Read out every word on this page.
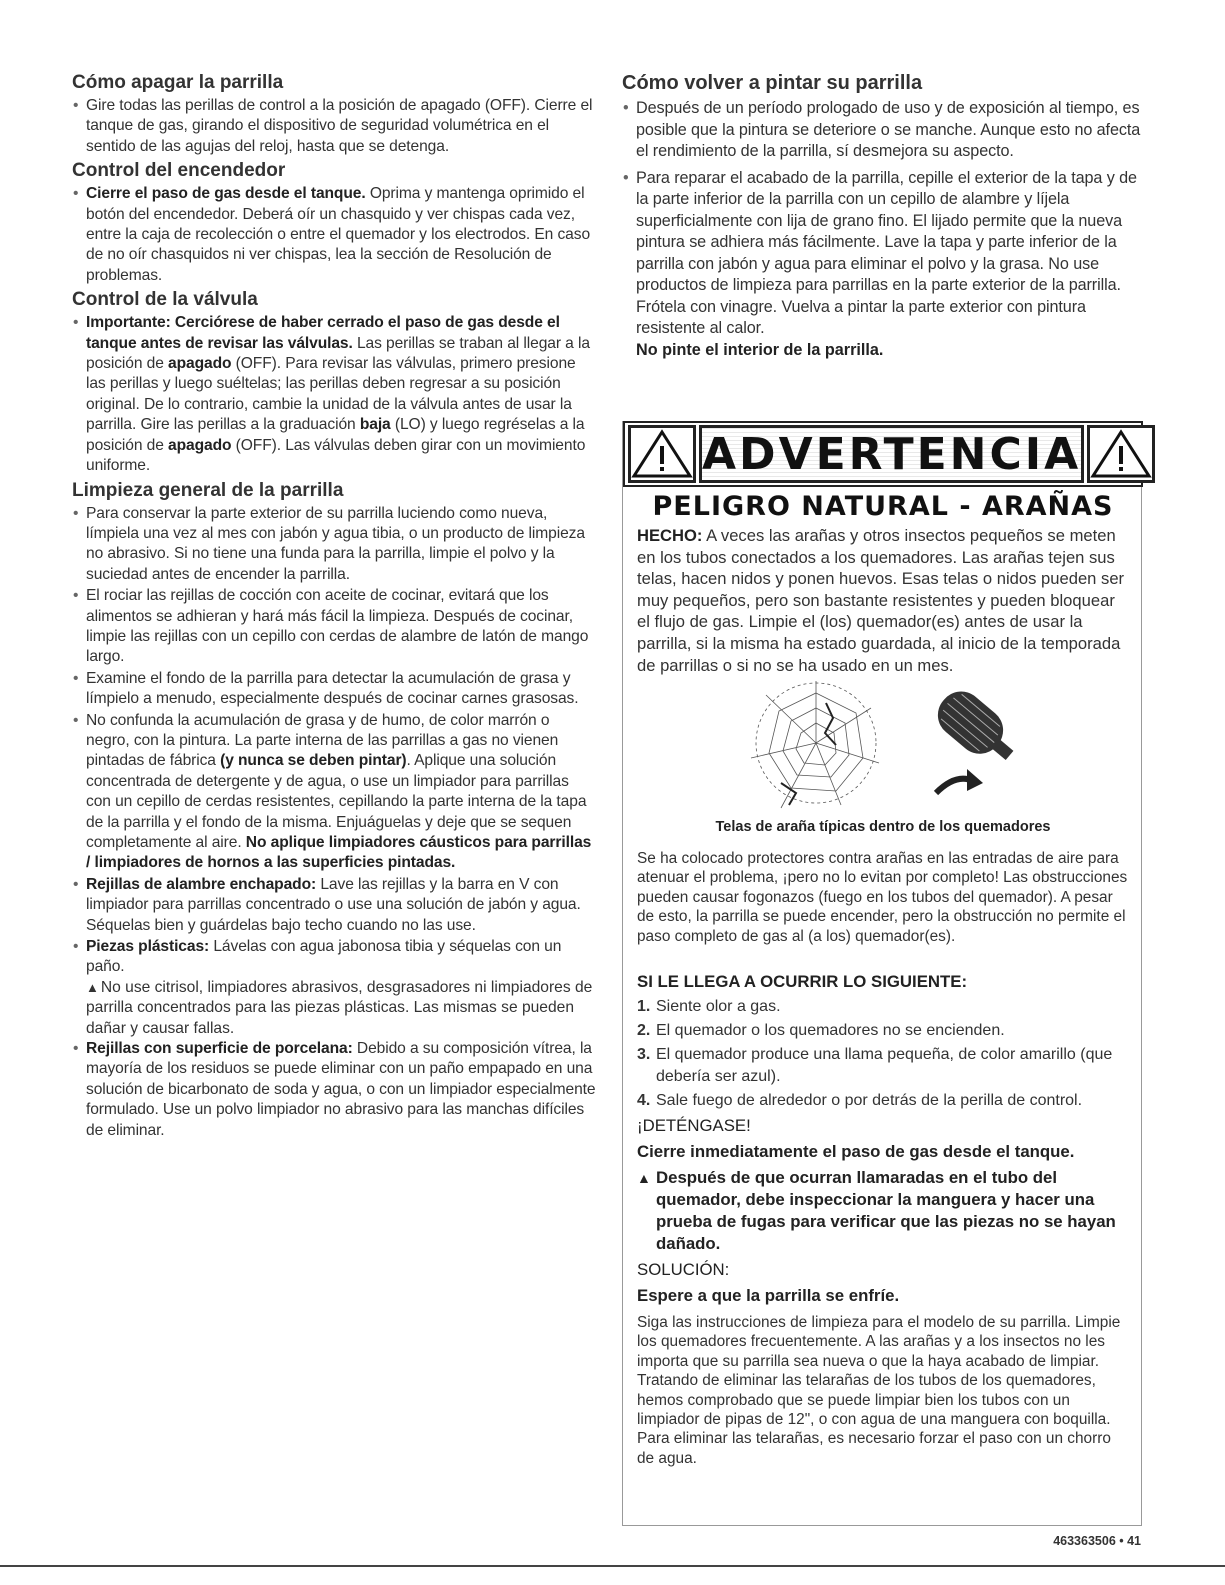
Cómo apagar la parrilla

• Gire todas las perillas de control a la posición de apagado (OFF). Cierre el tanque de gas, girando el dispositivo de seguridad volumétrica en el sentido de las agujas del reloj, hasta que se detenga.

Control del encendedor

• Cierre el paso de gas desde el tanque. Oprima y mantenga oprimido el botón del encendedor. Deberá oír un chasquido y ver chispas cada vez, entre la caja de recolección o entre el quemador y los electrodos. En caso de no oír chasquidos ni ver chispas, lea la sección de Resolución de problemas.

Control de la válvula

• Importante: Cerciórese de haber cerrado el paso de gas desde el tanque antes de revisar las válvulas. Las perillas se traban al llegar a la posición de apagado (OFF). Para revisar las válvulas, primero presione las perillas y luego suéltelas; las perillas deben regresar a su posición original. De lo contrario, cambie la unidad de la válvula antes de usar la parrilla. Gire las perillas a la graduación baja (LO) y luego regréselas a la posición de apagado (OFF). Las válvulas deben girar con un movimiento uniforme.

Limpieza general de la parrilla

• Para conservar la parte exterior de su parrilla luciendo como nueva, límpiela una vez al mes con jabón y agua tibia, o un producto de limpieza no abrasivo. Si no tiene una funda para la parrilla, limpie el polvo y la suciedad antes de encender la parrilla.

• El rociar las rejillas de cocción con aceite de cocinar, evitará que los alimentos se adhieran y hará más fácil la limpieza. Después de cocinar, limpie las rejillas con un cepillo con cerdas de alambre de latón de mango largo.

• Examine el fondo de la parrilla para detectar la acumulación de grasa y límpielo a menudo, especialmente después de cocinar carnes grasosas.

• No confunda la acumulación de grasa y de humo, de color marrón o negro, con la pintura. La parte interna de las parrillas a gas no vienen pintadas de fábrica (y nunca se deben pintar). Aplique una solución concentrada de detergente y de agua, o use un limpiador para parrillas con un cepillo de cerdas resistentes, cepillando la parte interna de la tapa de la parrilla y el fondo de la misma. Enjuáguelas y deje que se sequen completamente al aire. No aplique limpiadores cáusticos para parrillas / limpiadores de hornos a las superficies pintadas.

• Rejillas de alambre enchapado: Lave las rejillas y la barra en V con limpiador para parrillas concentrado o use una solución de jabón y agua. Séquelas bien y guárdelas bajo techo cuando no las use.

• Piezas plásticas: Lávelas con agua jabonosa tibia y séquelas con un paño.

▲ No use citrisol, limpiadores abrasivos, desgrasadores ni limpiadores de parrilla concentrados para las piezas plásticas. Las mismas se pueden dañar y causar fallas.

• Rejillas con superficie de porcelana: Debido a su composición vítrea, la mayoría de los residuos se puede eliminar con un paño empapado en una solución de bicarbonato de soda y agua, o con un limpiador especialmente formulado. Use un polvo limpiador no abrasivo para las manchas difíciles de eliminar.

Cómo volver a pintar su parrilla

• Después de un período prologado de uso y de exposición al tiempo, es posible que la pintura se deteriore o se manche. Aunque esto no afecta el rendimiento de la parrilla, sí desmejora su aspecto.

• Para reparar el acabado de la parrilla, cepille el exterior de la tapa y de la parte inferior de la parrilla con un cepillo de alambre y líjela superficialmente con lija de grano fino. El lijado permite que la nueva pintura se adhiera más fácilmente. Lave la tapa y parte inferior de la parrilla con jabón y agua para eliminar el polvo y la grasa. No use productos de limpieza para parrillas en la parte exterior de la parrilla. Frótela con vinagre. Vuelva a pintar la parte exterior con pintura resistente al calor.

No pinte el interior de la parrilla.

ADVERTENCIA
PELIGRO NATURAL - ARAÑAS

HECHO: A veces las arañas y otros insectos pequeños se meten en los tubos conectados a los quemadores. Las arañas tejen sus telas, hacen nidos y ponen huevos. Esas telas o nidos pueden ser muy pequeños, pero son bastante resistentes y pueden bloquear el flujo de gas. Limpie el (los) quemador(es) antes de usar la parrilla, si la misma ha estado guardada, al inicio de la temporada de parrillas o si no se ha usado en un mes.

Telas de araña típicas dentro de los quemadores

Se ha colocado protectores contra arañas en las entradas de aire para atenuar el problema, ¡pero no lo evitan por completo! Las obstrucciones pueden causar fogonazos (fuego en los tubos del quemador). A pesar de esto, la parrilla se puede encender, pero la obstrucción no permite el paso completo de gas al (a los) quemador(es).

SI LE LLEGA A OCURRIR LO SIGUIENTE:

1. Siente olor a gas.
2. El quemador o los quemadores no se encienden.
3. El quemador produce una llama pequeña, de color amarillo (que debería ser azul).
4. Sale fuego de alrededor o por detrás de la perilla de control.

¡DETÉNGASE!

Cierre inmediatamente el paso de gas desde el tanque.

▲ Después de que ocurran llamaradas en el tubo del quemador, debe inspeccionar la manguera y hacer una prueba de fugas para verificar que las piezas no se hayan dañado.

SOLUCIÓN:

Espere a que la parrilla se enfríe.

Siga las instrucciones de limpieza para el modelo de su parrilla. Limpie los quemadores frecuentemente. A las arañas y a los insectos no les importa que su parrilla sea nueva o que la haya acabado de limpiar. Tratando de eliminar las telarañas de los tubos de los quemadores, hemos comprobado que se puede limpiar bien los tubos con un limpiador de pipas de 12", o con agua de una manguera con boquilla. Para eliminar las telarañas, es necesario forzar el paso con un chorro de agua.

463363506 • 41
